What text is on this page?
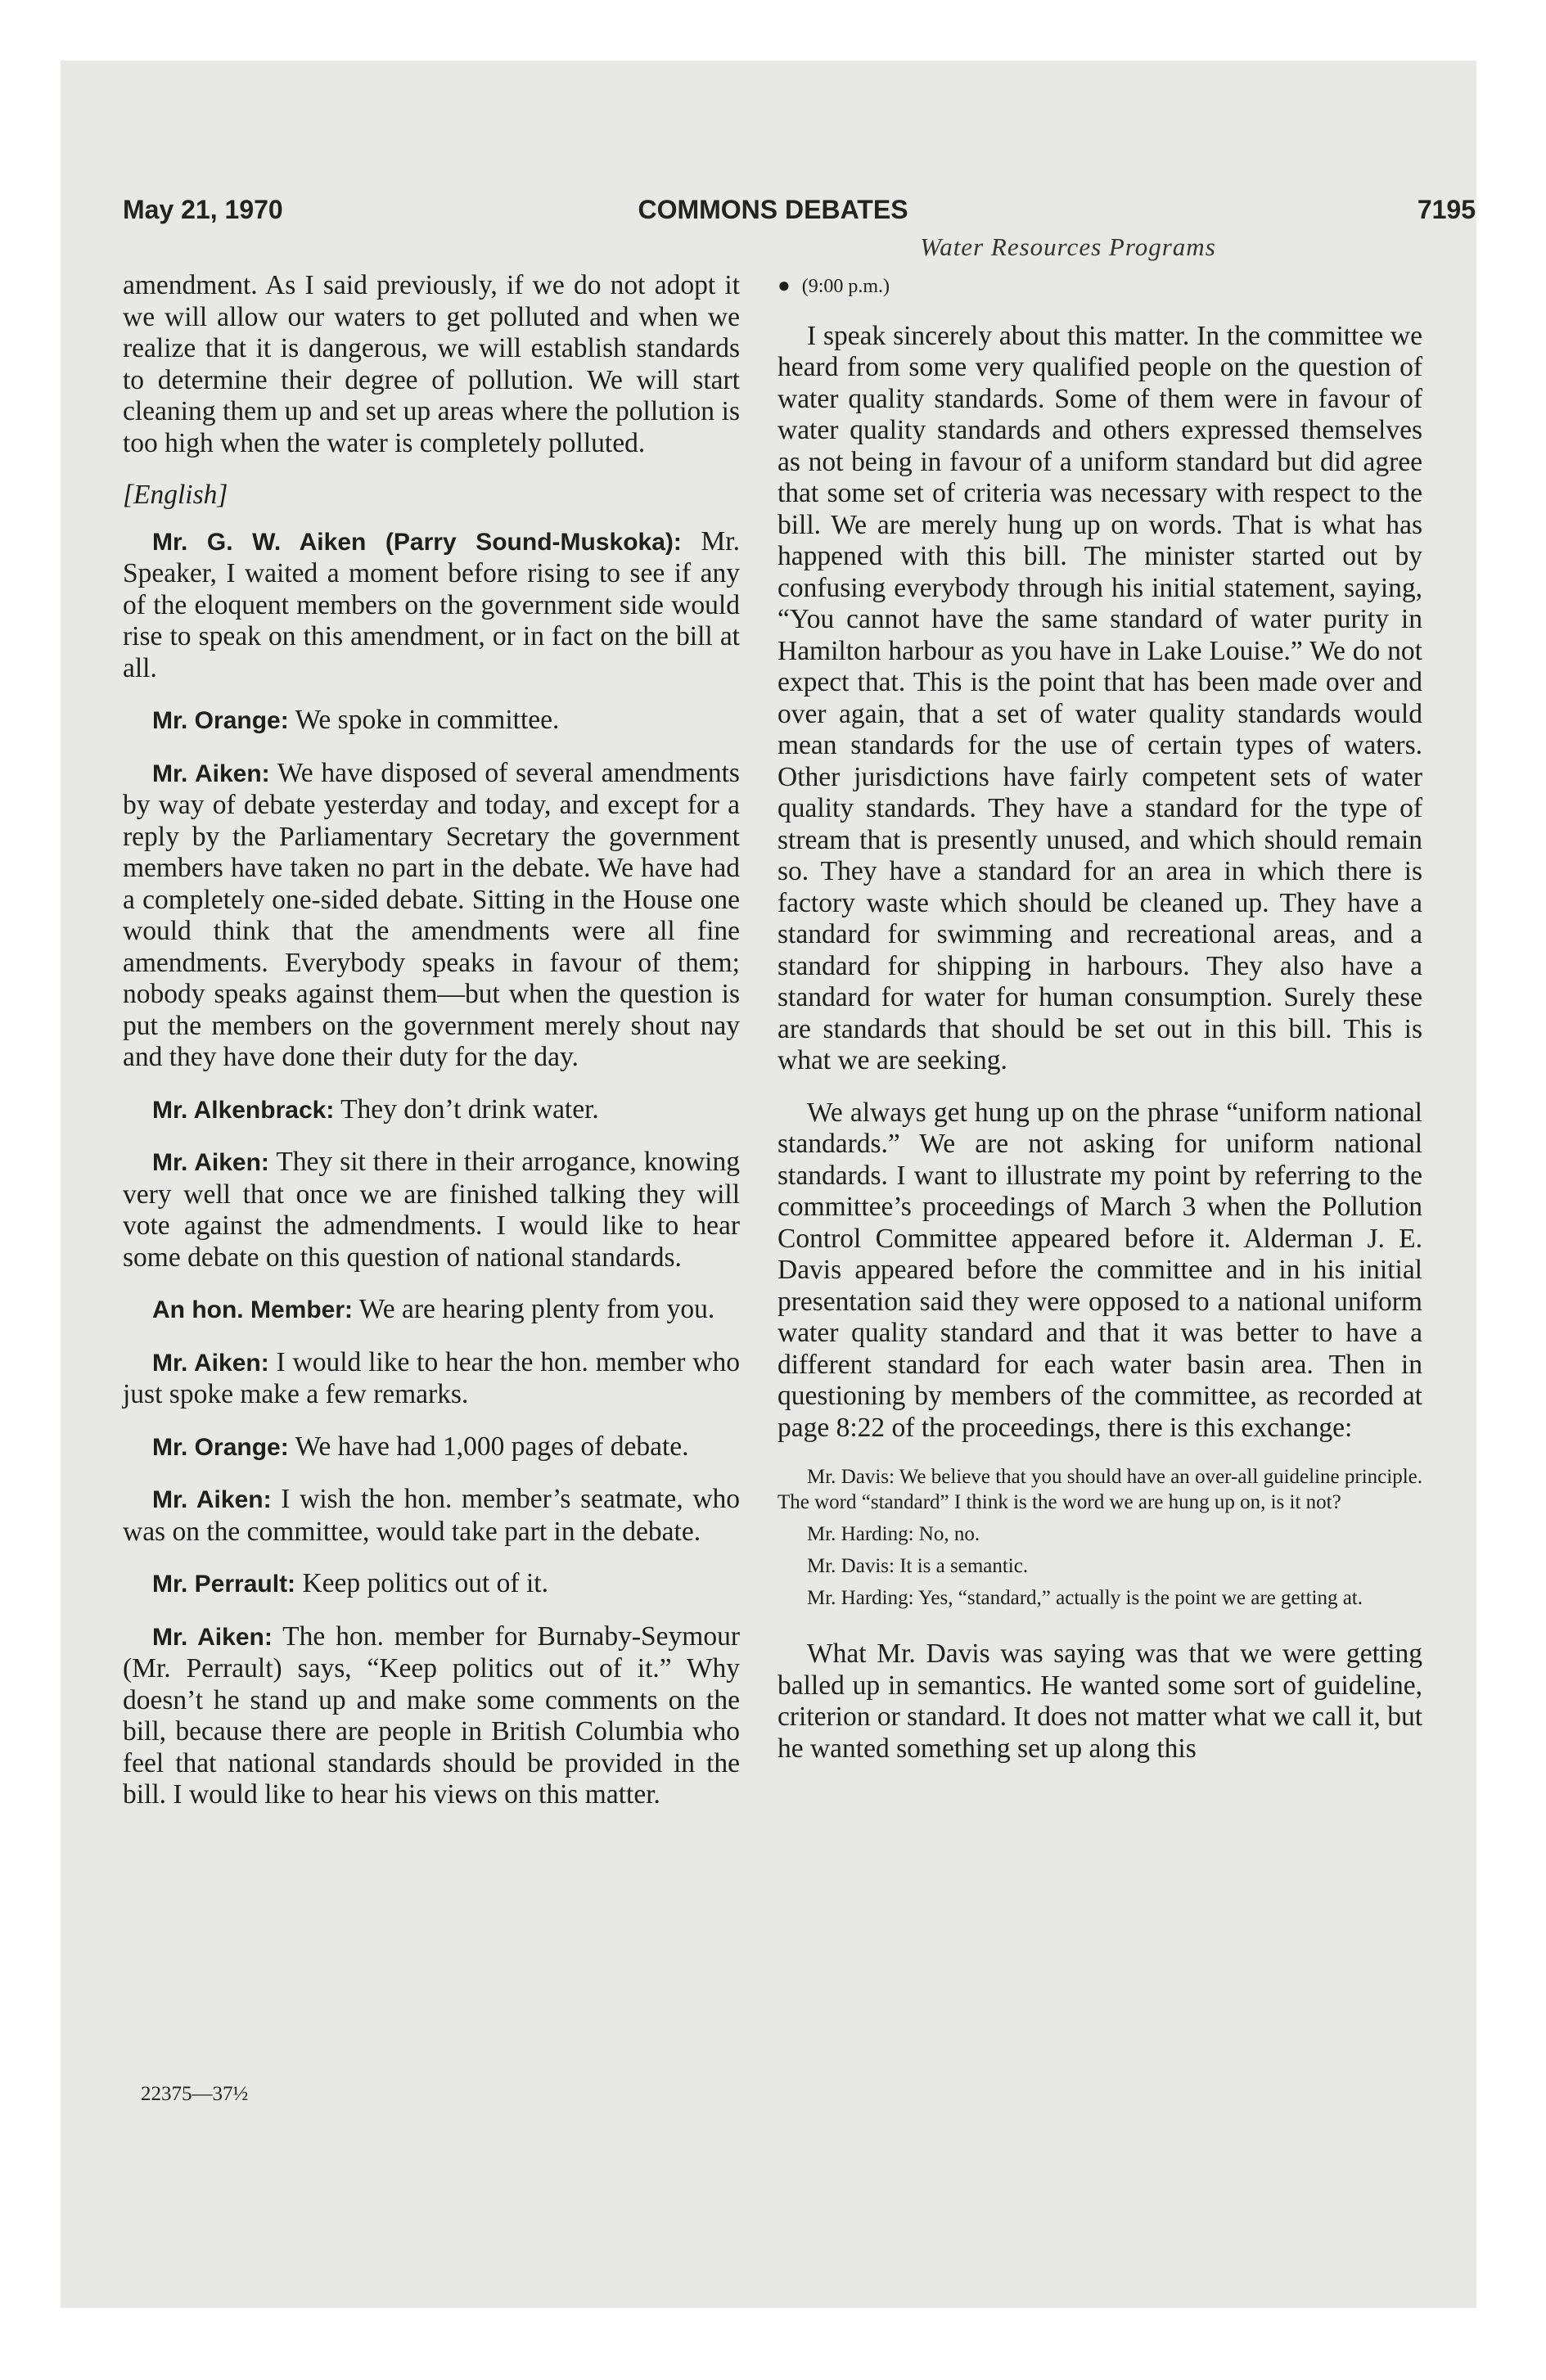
May 21, 1970	COMMONS DEBATES	7195
Water Resources Programs

amendment. As I said previously, if we do not adopt it we will allow our waters to get polluted and when we realize that it is dangerous, we will establish standards to determine their degree of pollution. We will start cleaning them up and set up areas where the pollution is too high when the water is completely polluted.

[English]

Mr. G. W. Aiken (Parry Sound-Muskoka): Mr. Speaker, I waited a moment before rising to see if any of the eloquent members on the government side would rise to speak on this amendment, or in fact on the bill at all.

Mr. Orange: We spoke in committee.

Mr. Aiken: We have disposed of several amendments by way of debate yesterday and today, and except for a reply by the Parliamentary Secretary the government members have taken no part in the debate. We have had a completely one-sided debate. Sitting in the House one would think that the amendments were all fine amendments. Everybody speaks in favour of them; nobody speaks against them—but when the question is put the members on the government merely shout nay and they have done their duty for the day.

Mr. Alkenbrack: They don’t drink water.

Mr. Aiken: They sit there in their arrogance, knowing very well that once we are finished talking they will vote against the admendments. I would like to hear some debate on this question of national standards.

An hon. Member: We are hearing plenty from you.

Mr. Aiken: I would like to hear the hon. member who just spoke make a few remarks.

Mr. Orange: We have had 1,000 pages of debate.

Mr. Aiken: I wish the hon. member’s seatmate, who was on the committee, would take part in the debate.

Mr. Perrault: Keep politics out of it.

Mr. Aiken: The hon. member for Burnaby-Seymour (Mr. Perrault) says, “Keep politics out of it.” Why doesn’t he stand up and make some comments on the bill, because there are people in British Columbia who feel that national standards should be provided in the bill. I would like to hear his views on this matter.

22375—37½

● (9:00 p.m.)

I speak sincerely about this matter. In the committee we heard from some very qualified people on the question of water quality standards. Some of them were in favour of water quality standards and others expressed themselves as not being in favour of a uniform standard but did agree that some set of criteria was necessary with respect to the bill. We are merely hung up on words. That is what has happened with this bill. The minister started out by confusing everybody through his initial statement, saying, “You cannot have the same standard of water purity in Hamilton harbour as you have in Lake Louise.” We do not expect that. This is the point that has been made over and over again, that a set of water quality standards would mean standards for the use of certain types of waters. Other jurisdictions have fairly competent sets of water quality standards. They have a standard for the type of stream that is presently unused, and which should remain so. They have a standard for an area in which there is factory waste which should be cleaned up. They have a standard for swimming and recreational areas, and a standard for shipping in harbours. They also have a standard for water for human consumption. Surely these are standards that should be set out in this bill. This is what we are seeking.

We always get hung up on the phrase “uniform national standards.” We are not asking for uniform national standards. I want to illustrate my point by referring to the committee’s proceedings of March 3 when the Pollution Control Committee appeared before it. Alderman J. E. Davis appeared before the committee and in his initial presentation said they were opposed to a national uniform water quality standard and that it was better to have a different standard for each water basin area. Then in questioning by members of the committee, as recorded at page 8:22 of the proceedings, there is this exchange:

Mr. Davis: We believe that you should have an over-all guideline principle. The word “standard” I think is the word we are hung up on, is it not?

Mr. Harding: No, no.

Mr. Davis: It is a semantic.

Mr. Harding: Yes, “standard,” actually is the point we are getting at.

What Mr. Davis was saying was that we were getting balled up in semantics. He wanted some sort of guideline, criterion or standard. It does not matter what we call it, but he wanted something set up along this
